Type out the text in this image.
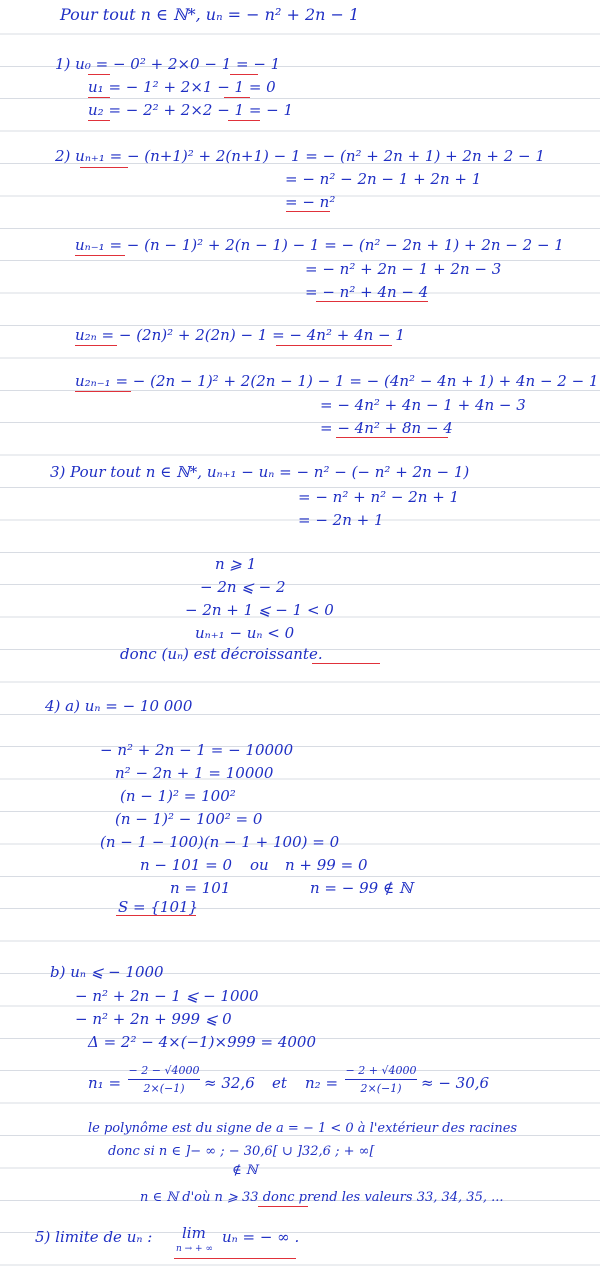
Pour tout n ∈ ℕ*, uₙ = − n² + 2n − 1
1) u₀ = − 0² + 2×0 − 1 = − 1
u₁ = − 1² + 2×1 − 1 = 0
u₂ = − 2² + 2×2 − 1 = − 1
2) uₙ₊₁ = − (n+1)² + 2(n+1) − 1 = − (n² + 2n + 1) + 2n + 2 − 1
= − n² − 2n − 1 + 2n + 1
= − n²
uₙ₋₁ = − (n − 1)² + 2(n − 1) − 1 = − (n² − 2n + 1) + 2n − 2 − 1
= − n² + 2n − 1 + 2n − 3
= − n² + 4n − 4
u₂ₙ = − (2n)² + 2(2n) − 1 = − 4n² + 4n − 1
u₂ₙ₋₁ = − (2n − 1)² + 2(2n − 1) − 1 = − (4n² − 4n + 1) + 4n − 2 − 1
= − 4n² + 4n − 1 + 4n − 3
= − 4n² + 8n − 4
3) Pour tout n ∈ ℕ*, uₙ₊₁ − uₙ = − n² − (− n² + 2n − 1)
= − n² + n² − 2n + 1
= − 2n + 1
n ⩾ 1
− 2n ⩽ − 2
− 2n + 1 ⩽ − 1 < 0
uₙ₊₁ − uₙ < 0
donc (uₙ) est décroissante.
4) a) uₙ = − 10 000
− n² + 2n − 1 = − 10000
n² − 2n + 1 = 10000
(n − 1)² = 100²
(n − 1)² − 100² = 0
(n − 1 − 100)(n − 1 + 100) = 0
n − 101 = 0 ou n + 99 = 0
n = 101	n = − 99 ∉ ℕ
S = {101}
b) uₙ ⩽ − 1000
− n² + 2n − 1 ⩽ − 1000
− n² + 2n + 999 ⩽ 0
Δ = 2² − 4×(−1)×999 = 4000
n₁ =
− 2 − √4000
2×(−1)	≈ 32,6 et n₂ =
− 2 + √4000
2×(−1)	≈ − 30,6
le polynôme est du signe de a = − 1 < 0 à l'extérieur des racines
donc si n ∈ ]− ∞ ; − 30,6[ ∪ ]32,6 ; + ∞[
∉ ℕ
n ∈ ℕ d'où n ⩾ 33 donc prend les valeurs 33, 34, 35, ...
5) limite de uₙ : lim
n → + ∞
uₙ = − ∞ .
